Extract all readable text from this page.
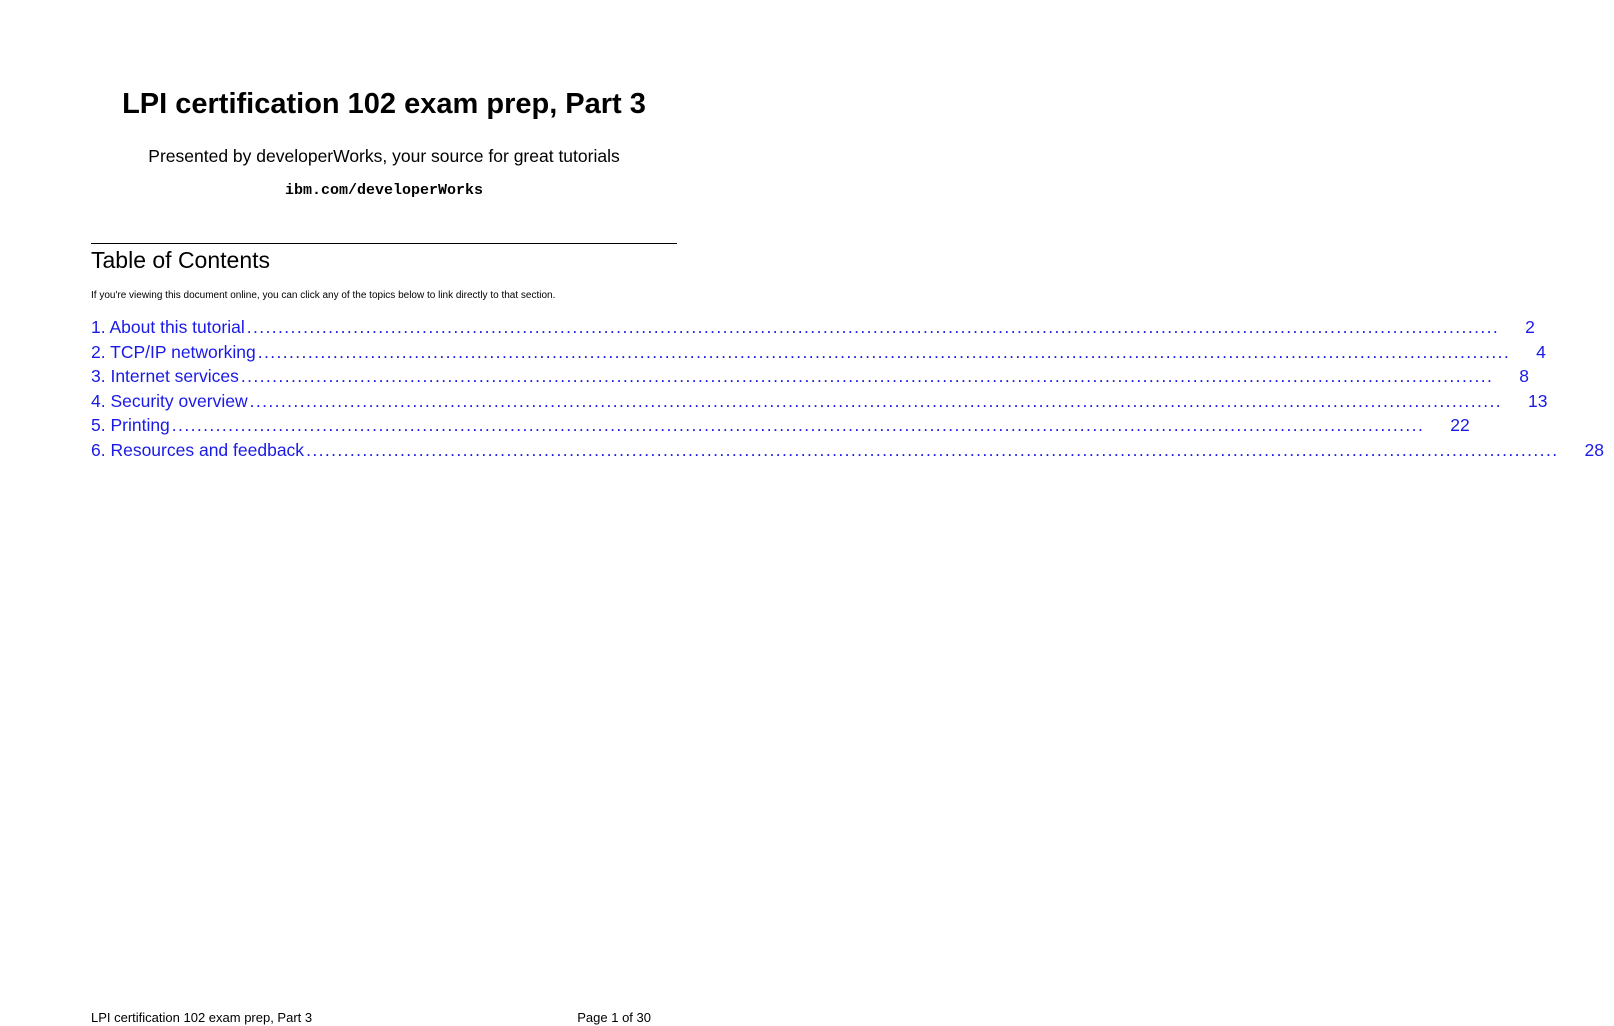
LPI certification 102 exam prep, Part 3
Presented by developerWorks, your source for great tutorials
ibm.com/developerWorks
Table of Contents
If you're viewing this document online, you can click any of the topics below to link directly to that section.
1. About this tutorial ........................................................................................................................................................................................................ 2
2. TCP/IP networking ........................................................................................................................................................................................................ 4
3. Internet services ........................................................................................................................................................................................................ 8
4. Security overview ........................................................................................................................................................................................................ 13
5. Printing ........................................................................................................................................................................................................ 22
6. Resources and feedback ........................................................................................................................................................................................................ 28
LPI certification 102 exam prep, Part 3	Page 1 of 30
